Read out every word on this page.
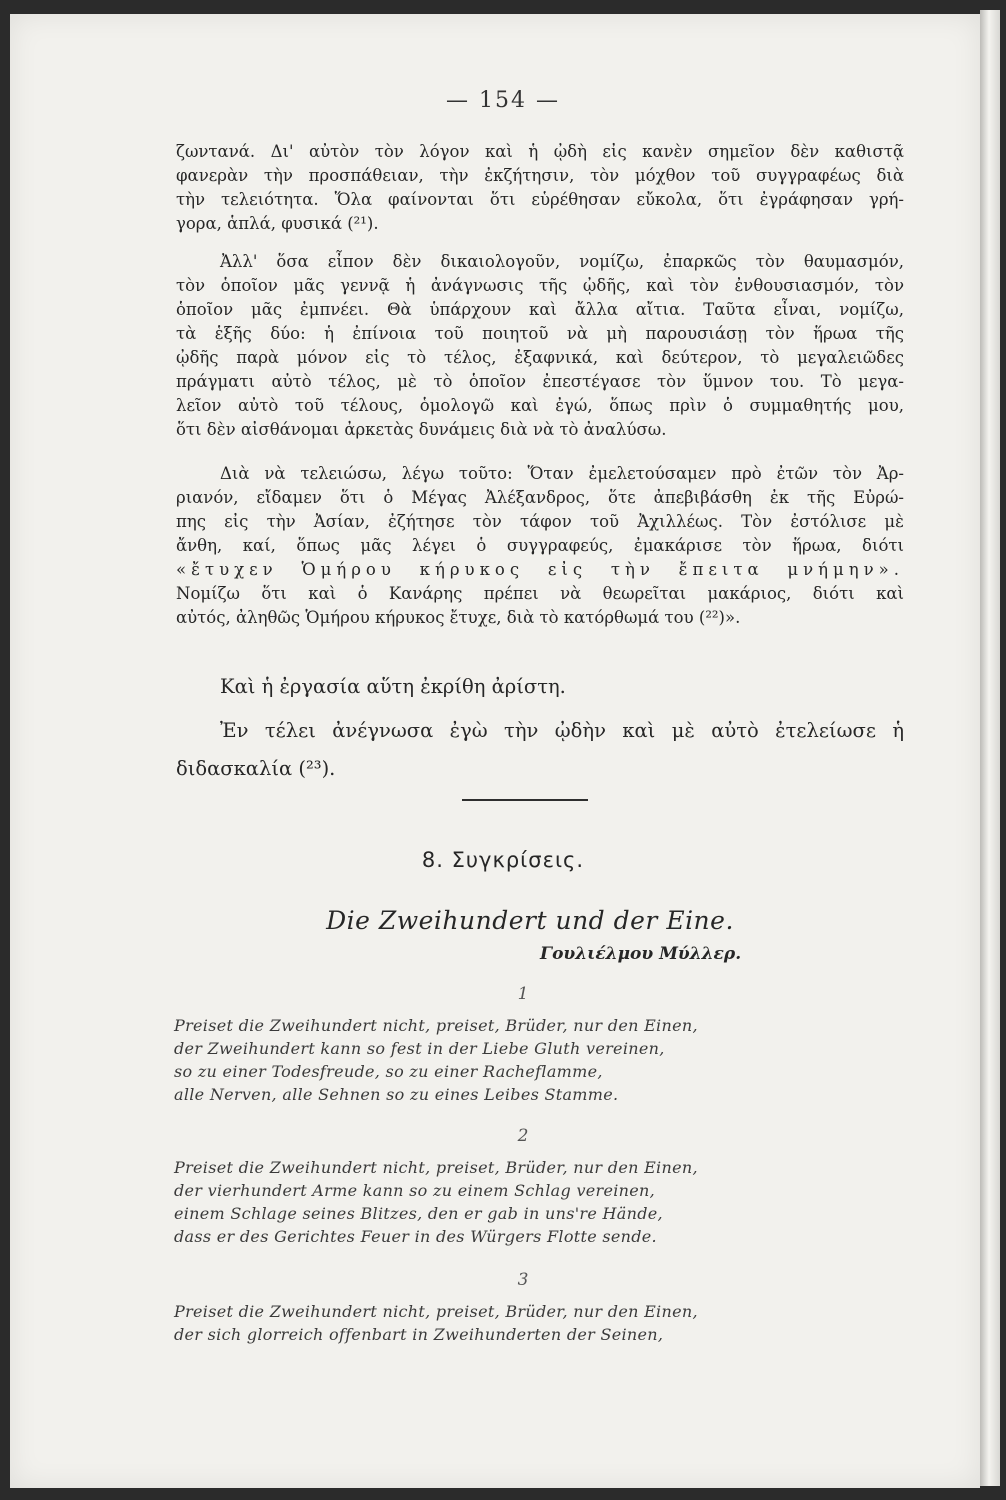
— 154 —
ζωντανά. Δι' αὐτὸν τὸν λόγον καὶ ἡ ᾠδὴ εἰς κανὲν σημεῖον δὲν καθιστᾷ
φανερὰν τὴν προσπάθειαν, τὴν ἐκζήτησιν, τὸν μόχθον τοῦ συγγραφέως διὰ
τὴν τελειότητα. Ὅλα φαίνονται ὅτι εὑρέθησαν εὔκολα, ὅτι ἐγράφησαν γρή-
γορα, ἁπλά, φυσικά (²¹).
Ἀλλ' ὅσα εἶπον δὲν δικαιολογοῦν, νομίζω, ἐπαρκῶς τὸν θαυμασμόν,
τὸν ὁποῖον μᾶς γεννᾷ ἡ ἀνάγνωσις τῆς ᾠδῆς, καὶ τὸν ἐνθουσιασμόν, τὸν
ὁποῖον μᾶς ἐμπνέει. Θὰ ὑπάρχουν καὶ ἄλλα αἴτια. Ταῦτα εἶναι, νομίζω,
τὰ ἑξῆς δύο: ἡ ἐπίνοια τοῦ ποιητοῦ νὰ μὴ παρουσιάσῃ τὸν ἥρωα τῆς
ᾠδῆς παρὰ μόνον εἰς τὸ τέλος, ἐξαφνικά, καὶ δεύτερον, τὸ μεγαλειῶδες
πράγματι αὐτὸ τέλος, μὲ τὸ ὁποῖον ἐπεστέγασε τὸν ὕμνον του. Τὸ μεγα-
λεῖον αὐτὸ τοῦ τέλους, ὁμολογῶ καὶ ἐγώ, ὅπως πρὶν ὁ συμμαθητής μου,
ὅτι δὲν αἰσθάνομαι ἀρκετὰς δυνάμεις διὰ νὰ τὸ ἀναλύσω.
Διὰ νὰ τελειώσω, λέγω τοῦτο: Ὅταν ἐμελετούσαμεν πρὸ ἐτῶν τὸν Ἀρ-
ριανόν, εἴδαμεν ὅτι ὁ Μέγας Ἀλέξανδρος, ὅτε ἀπεβιβάσθη ἐκ τῆς Εὐρώ-
πης εἰς τὴν Ἀσίαν, ἐζήτησε τὸν τάφον τοῦ Ἀχιλλέως. Τὸν ἐστόλισε μὲ
ἄνθη, καί, ὅπως μᾶς λέγει ὁ συγγραφεύς, ἐμακάρισε τὸν ἥρωα, διότι
«ἔτυχεν Ὁμήρου κήρυκος εἰς τὴν ἔπειτα μνήμην».
Νομίζω ὅτι καὶ ὁ Κανάρης πρέπει νὰ θεωρεῖται μακάριος, διότι καὶ
αὐτός, ἀληθῶς Ὁμήρου κήρυκος ἔτυχε, διὰ τὸ κατόρθωμά του (²²)».
Καὶ ἡ ἐργασία αὕτη ἐκρίθη ἀρίστη.
Ἐν τέλει ἀνέγνωσα ἐγὼ τὴν ᾠδὴν καὶ μὲ αὐτὸ ἐτελείωσε ἡ
διδασκαλία (²³).
8. Συγκρίσεις.
Die Zweihundert und der Eine.
Γουλιέλμου Μύλλερ.
1
Preiset die Zweihundert nicht, preiset, Brüder, nur den Einen,
der Zweihundert kann so fest in der Liebe Gluth vereinen,
so zu einer Todesfreude, so zu einer Racheflamme,
alle Nerven, alle Sehnen so zu eines Leibes Stamme.
2
Preiset die Zweihundert nicht, preiset, Brüder, nur den Einen,
der vierhundert Arme kann so zu einem Schlag vereinen,
einem Schlage seines Blitzes, den er gab in uns're Hände,
dass er des Gerichtes Feuer in des Würgers Flotte sende.
3
Preiset die Zweihundert nicht, preiset, Brüder, nur den Einen,
der sich glorreich offenbart in Zweihunderten der Seinen,
